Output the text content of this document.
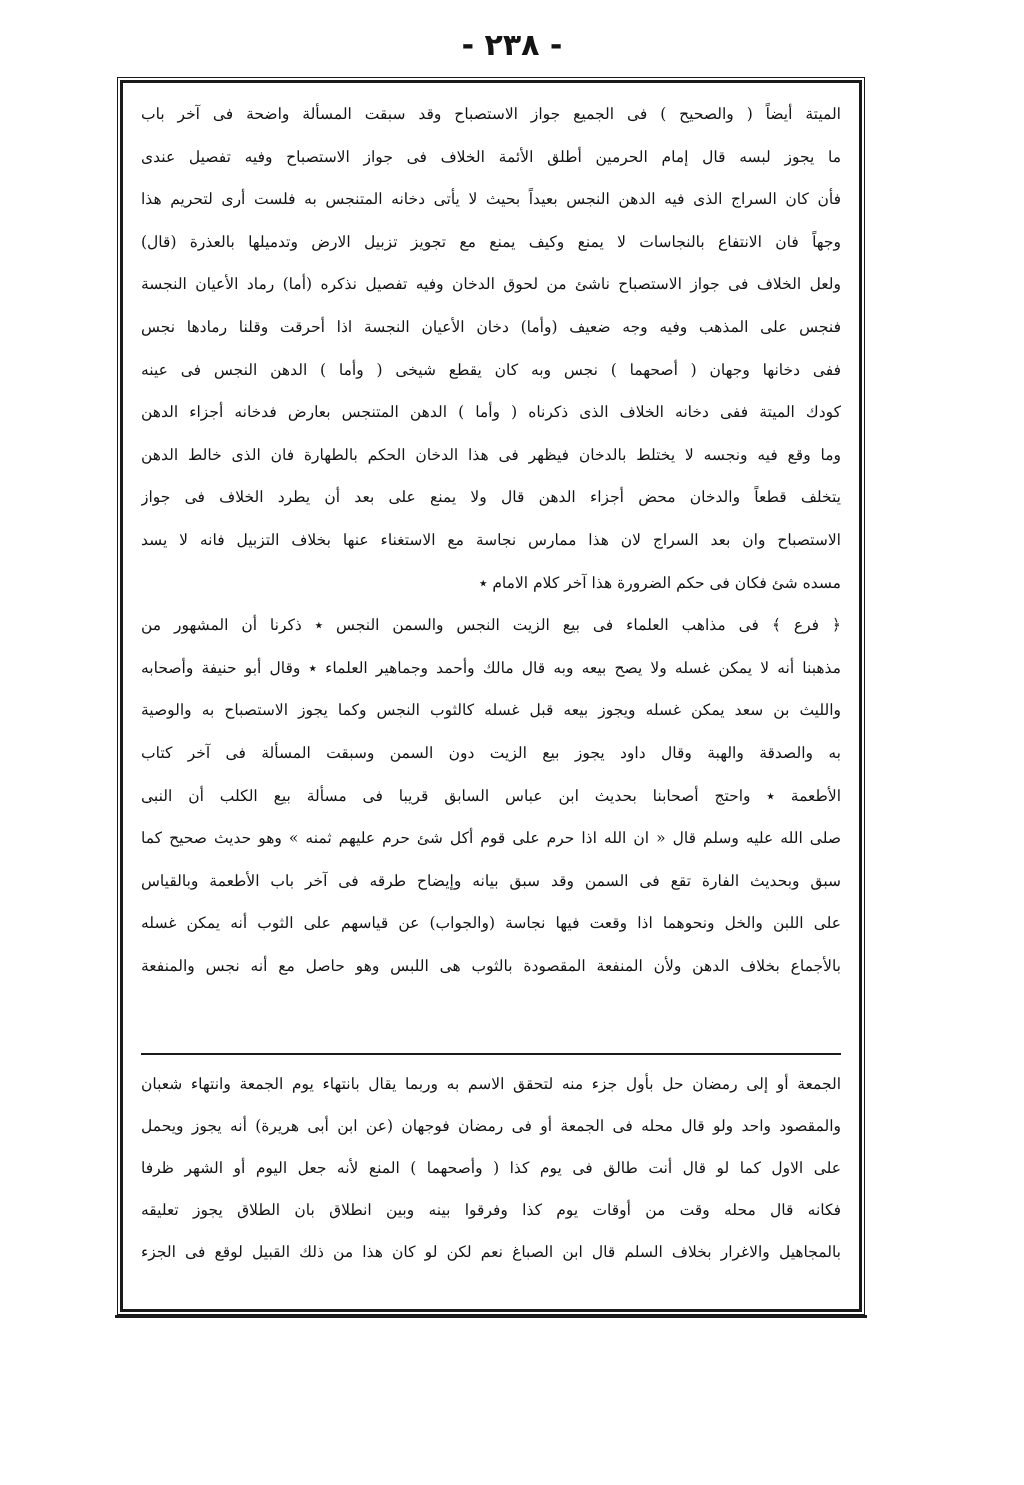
- ٢٣٨ -
الميتة أيضاً ( والصحيح ) فى الجميع جواز الاستصباح وقد سبقت المسألة واضحة فى آخر باب
ما يجوز لبسه قال إمام الحرمين أطلق الأئمة الخلاف فى جواز الاستصباح وفيه تفصيل عندى
فأن كان السراج الذى فيه الدهن النجس بعيداً بحيث لا يأتى دخانه المتنجس به فلست أرى لتحريم هذا
وجهاً فان الانتفاع بالنجاسات لا يمنع وكيف يمنع مع تجويز تزبيل الارض وتدميلها بالعذرة (قال)
ولعل الخلاف فى جواز الاستصباح ناشئ من لحوق الدخان وفيه تفصيل نذكره (أما) رماد الأعيان النجسة
فنجس على المذهب وفيه وجه ضعيف (وأما) دخان الأعيان النجسة اذا أحرقت وقلنا رمادها نجس
ففى دخانها وجهان ( أصحهما ) نجس وبه كان يقطع شيخى ( وأما ) الدهن النجس فى عينه
كودك الميتة ففى دخانه الخلاف الذى ذكرناه ( وأما ) الدهن المتنجس بعارض فدخانه أجزاء الدهن
وما وقع فيه ونجسه لا يختلط بالدخان فيظهر فى هذا الدخان الحكم بالطهارة فان الذى خالط الدهن
يتخلف قطعاً والدخان محض أجزاء الدهن قال ولا يمنع على بعد أن يطرد الخلاف فى جواز
الاستصباح وان بعد السراج لان هذا ممارس نجاسة مع الاستغناء عنها بخلاف التزبيل فانه لا يسد
مسده شئ فكان فى حكم الضرورة هذا آخر كلام الامام ٭
﴿ فرع ﴾ فى مذاهب العلماء فى بيع الزيت النجس والسمن النجس ٭ ذكرنا أن المشهور من
مذهبنا أنه لا يمكن غسله ولا يصح بيعه وبه قال مالك وأحمد وجماهير العلماء ٭ وقال أبو حنيفة وأصحابه
والليث بن سعد يمكن غسله ويجوز بيعه قبل غسله كالثوب النجس وكما يجوز الاستصباح به والوصية
به والصدقة والهبة وقال داود يجوز بيع الزيت دون السمن وسبقت المسألة فى آخر كتاب
الأطعمة ٭ واحتج أصحابنا بحديث ابن عباس السابق قريبا فى مسألة بيع الكلب أن النبى
صلى الله عليه وسلم قال « ان الله اذا حرم على قوم أكل شئ حرم عليهم ثمنه » وهو حديث صحيح كما
سبق وبحديث الفارة تقع فى السمن وقد سبق بيانه وإيضاح طرقه فى آخر باب الأطعمة وبالقياس
على اللبن والخل ونحوهما اذا وقعت فيها نجاسة (والجواب) عن قياسهم على الثوب أنه يمكن غسله
بالأجماع بخلاف الدهن ولأن المنفعة المقصودة بالثوب هى اللبس وهو حاصل مع أنه نجس والمنفعة
الجمعة أو إلى رمضان حل بأول جزء منه لتحقق الاسم به وربما يقال بانتهاء يوم الجمعة وانتهاء شعبان
والمقصود واحد ولو قال محله فى الجمعة أو فى رمضان فوجهان (عن ابن أبى هريرة) أنه يجوز ويحمل
على الاول كما لو قال أنت طالق فى يوم كذا ( وأصحهما ) المنع لأنه جعل اليوم أو الشهر ظرفا
فكانه قال محله وقت من أوقات يوم كذا وفرقوا بينه وبين انطلاق بان الطلاق يجوز تعليقه
بالمجاهيل والاغرار بخلاف السلم قال ابن الصباغ نعم لكن لو كان هذا من ذلك القبيل لوقع فى الجزء
